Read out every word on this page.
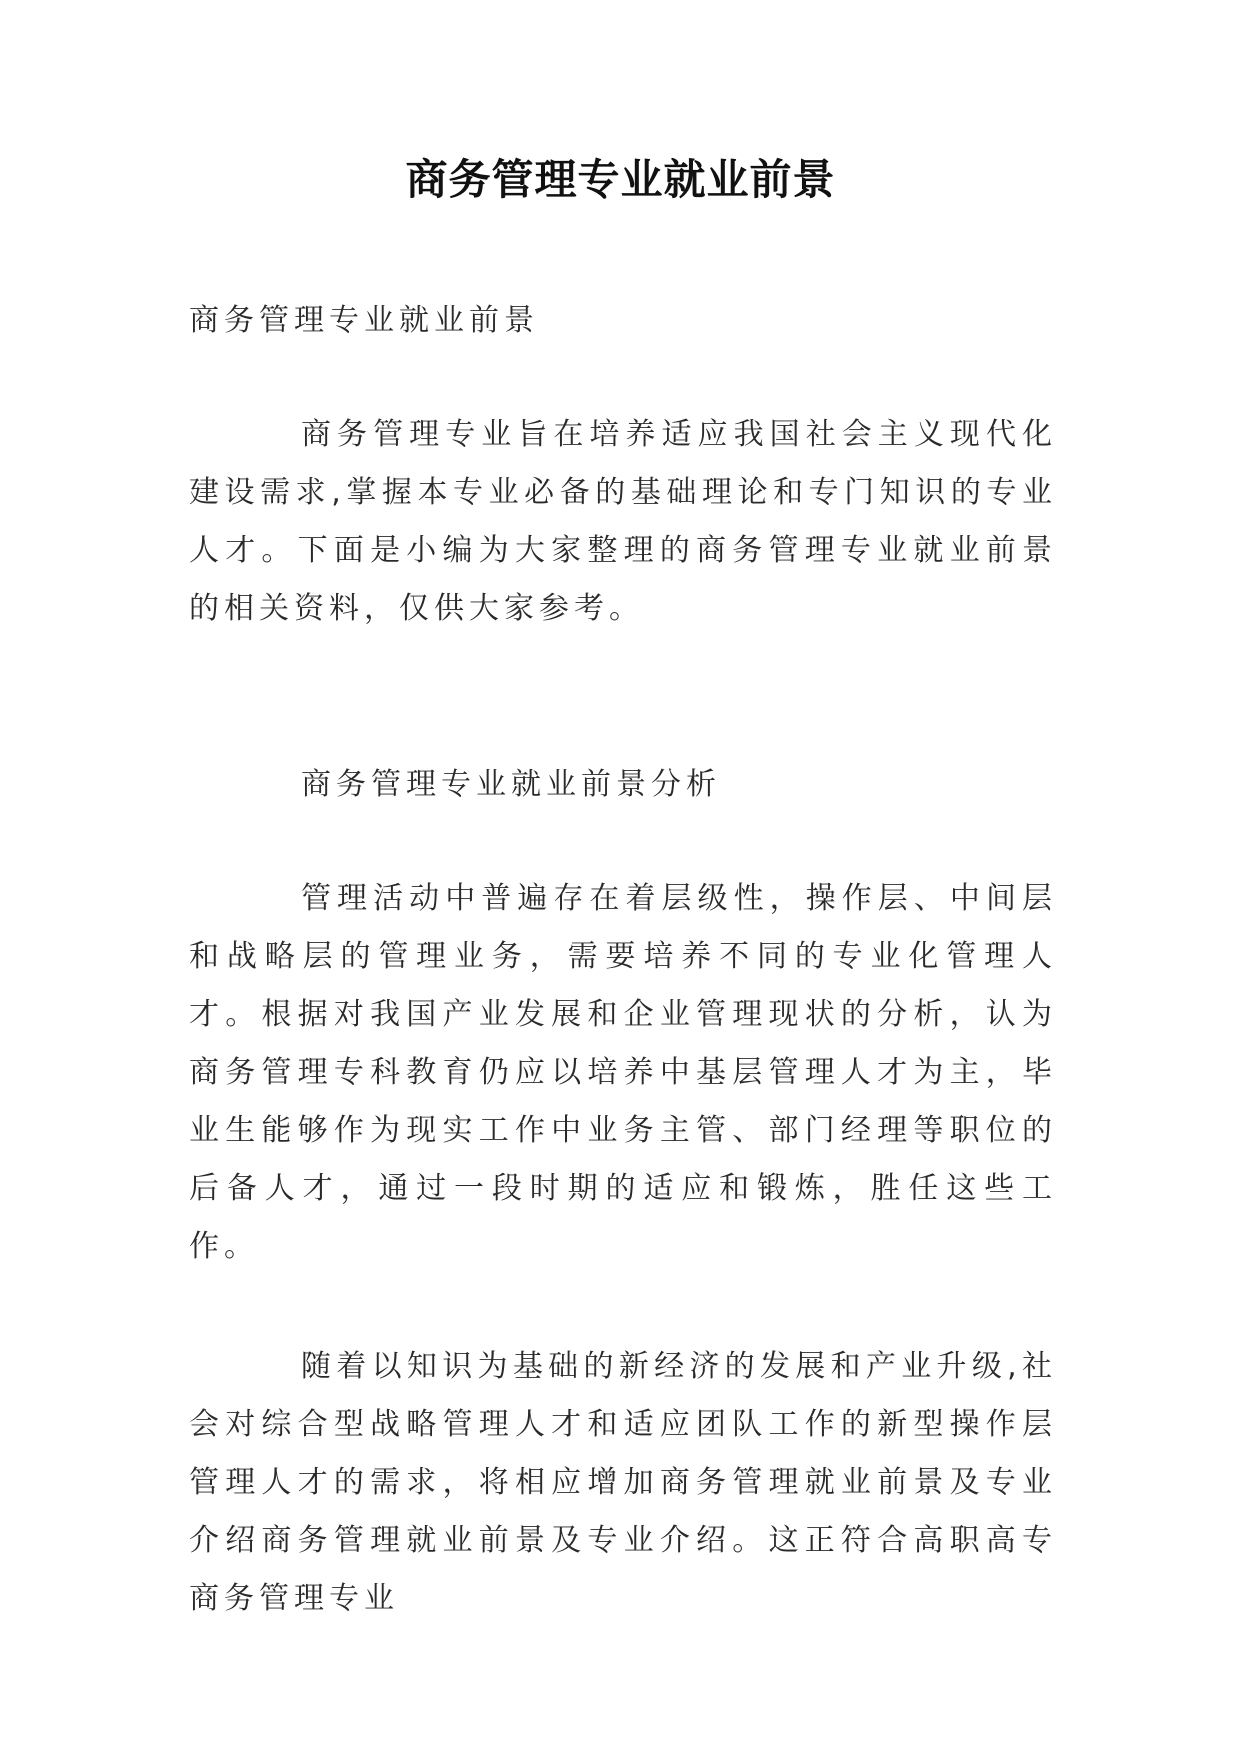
商务管理专业就业前景

商务管理专业就业前景

商务管理专业旨在培养适应我国社会主义现代化建设需求,掌握本专业必备的基础理论和专门知识的专业人才。下面是小编为大家整理的商务管理专业就业前景的相关资料，仅供大家参考。

商务管理专业就业前景分析

管理活动中普遍存在着层级性，操作层、中间层和战略层的管理业务，需要培养不同的专业化管理人才。根据对我国产业发展和企业管理现状的分析，认为商务管理专科教育仍应以培养中基层管理人才为主，毕业生能够作为现实工作中业务主管、部门经理等职位的后备人才，通过一段时期的适应和锻炼，胜任这些工作。

随着以知识为基础的新经济的发展和产业升级,社会对综合型战略管理人才和适应团队工作的新型操作层管理人才的需求，将相应增加商务管理就业前景及专业介绍商务管理就业前景及专业介绍。这正符合高职高专商务管理专业
